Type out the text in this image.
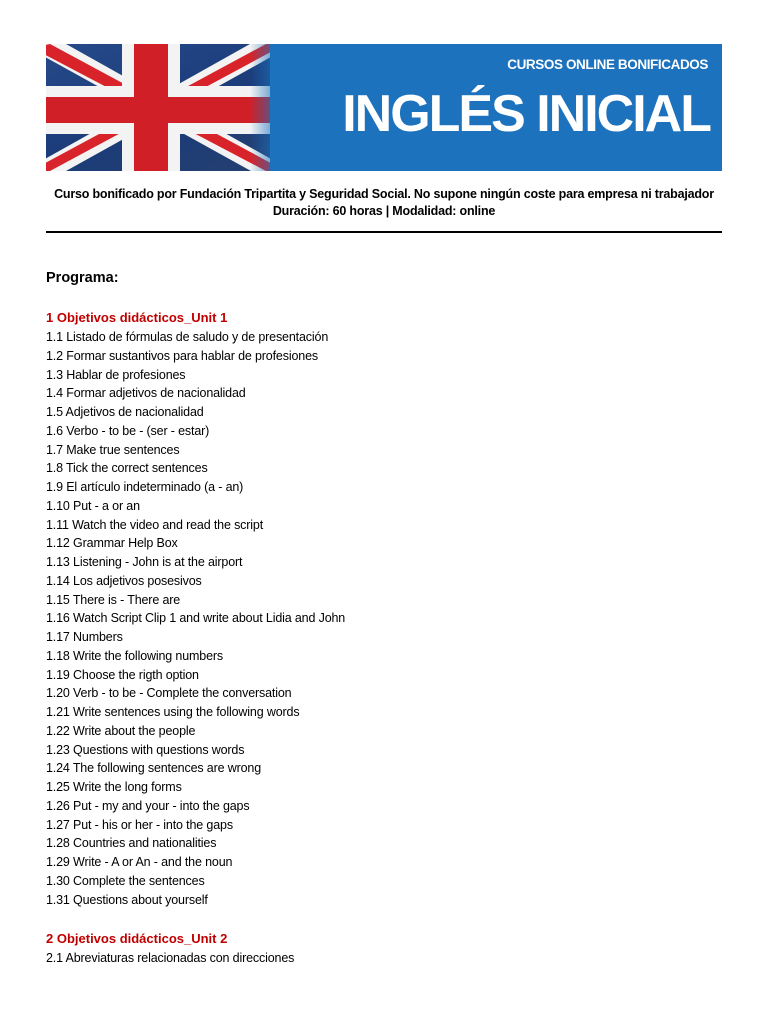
CURSOS ONLINE BONIFICADOS
INGLÉS INICIAL
Curso bonificado por Fundación Tripartita y Seguridad Social. No supone ningún coste para empresa ni trabajador
Duración: 60 horas | Modalidad: online
Programa:
1 Objetivos didácticos_Unit 1
1.1 Listado de fórmulas de saludo y de presentación
1.2 Formar sustantivos para hablar de profesiones
1.3 Hablar de profesiones
1.4 Formar adjetivos de nacionalidad
1.5 Adjetivos de nacionalidad
1.6 Verbo - to be - (ser - estar)
1.7 Make true sentences
1.8 Tick the correct sentences
1.9 El artículo indeterminado (a - an)
1.10 Put - a or an
1.11 Watch the video and read the script
1.12 Grammar Help Box
1.13 Listening - John is at the airport
1.14 Los adjetivos posesivos
1.15 There is - There are
1.16 Watch Script Clip 1 and write about Lidia and John
1.17 Numbers
1.18 Write the following numbers
1.19 Choose the rigth option
1.20 Verb - to be - Complete the conversation
1.21 Write sentences using the following words
1.22 Write about the people
1.23 Questions with questions words
1.24 The following sentences are wrong
1.25 Write the long forms
1.26 Put - my and your - into the gaps
1.27 Put - his or her - into the gaps
1.28 Countries and nationalities
1.29 Write - A or An - and the noun
1.30 Complete the sentences
1.31 Questions about yourself
2 Objetivos didácticos_Unit 2
2.1 Abreviaturas relacionadas con direcciones
